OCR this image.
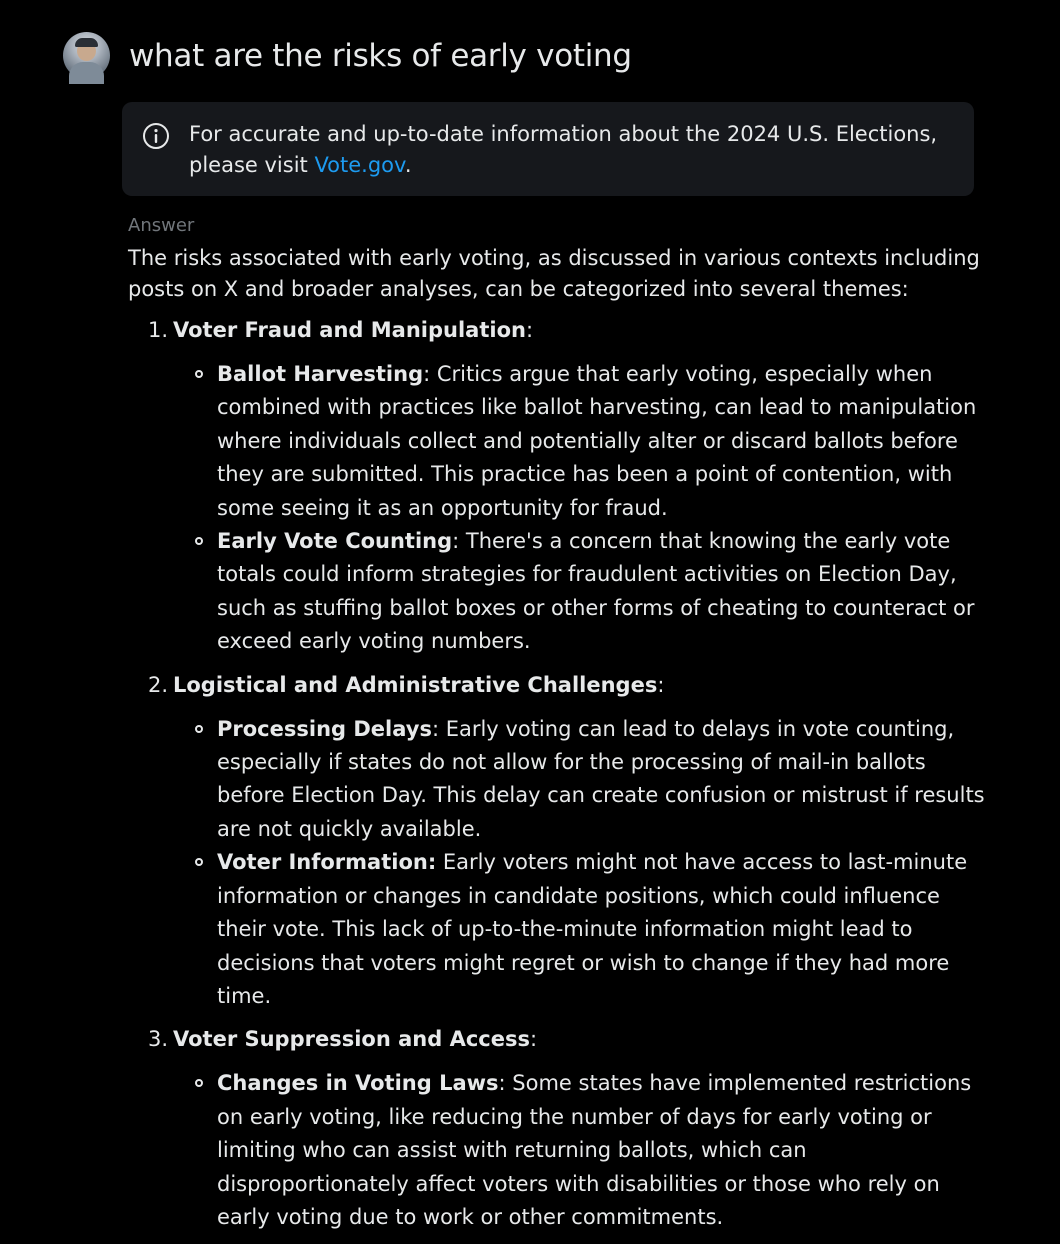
what are the risks of early voting
For accurate and up-to-date information about the 2024 U.S. Elections, please visit Vote.gov.
Answer
The risks associated with early voting, as discussed in various contexts including posts on X and broader analyses, can be categorized into several themes:
1. Voter Fraud and Manipulation:
Ballot Harvesting: Critics argue that early voting, especially when combined with practices like ballot harvesting, can lead to manipulation where individuals collect and potentially alter or discard ballots before they are submitted. This practice has been a point of contention, with some seeing it as an opportunity for fraud.
Early Vote Counting: There's a concern that knowing the early vote totals could inform strategies for fraudulent activities on Election Day, such as stuffing ballot boxes or other forms of cheating to counteract or exceed early voting numbers.
2. Logistical and Administrative Challenges:
Processing Delays: Early voting can lead to delays in vote counting, especially if states do not allow for the processing of mail-in ballots before Election Day. This delay can create confusion or mistrust if results are not quickly available.
Voter Information: Early voters might not have access to last-minute information or changes in candidate positions, which could influence their vote. This lack of up-to-the-minute information might lead to decisions that voters might regret or wish to change if they had more time.
3. Voter Suppression and Access:
Changes in Voting Laws: Some states have implemented restrictions on early voting, like reducing the number of days for early voting or limiting who can assist with returning ballots, which can disproportionately affect voters with disabilities or those who rely on early voting due to work or other commitments.
